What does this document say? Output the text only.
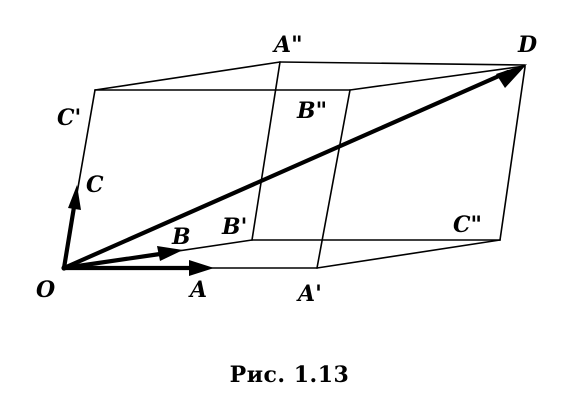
O	A
B
C
D
A'
B'
C'
A"
B"
C"
Рис. 1.13
